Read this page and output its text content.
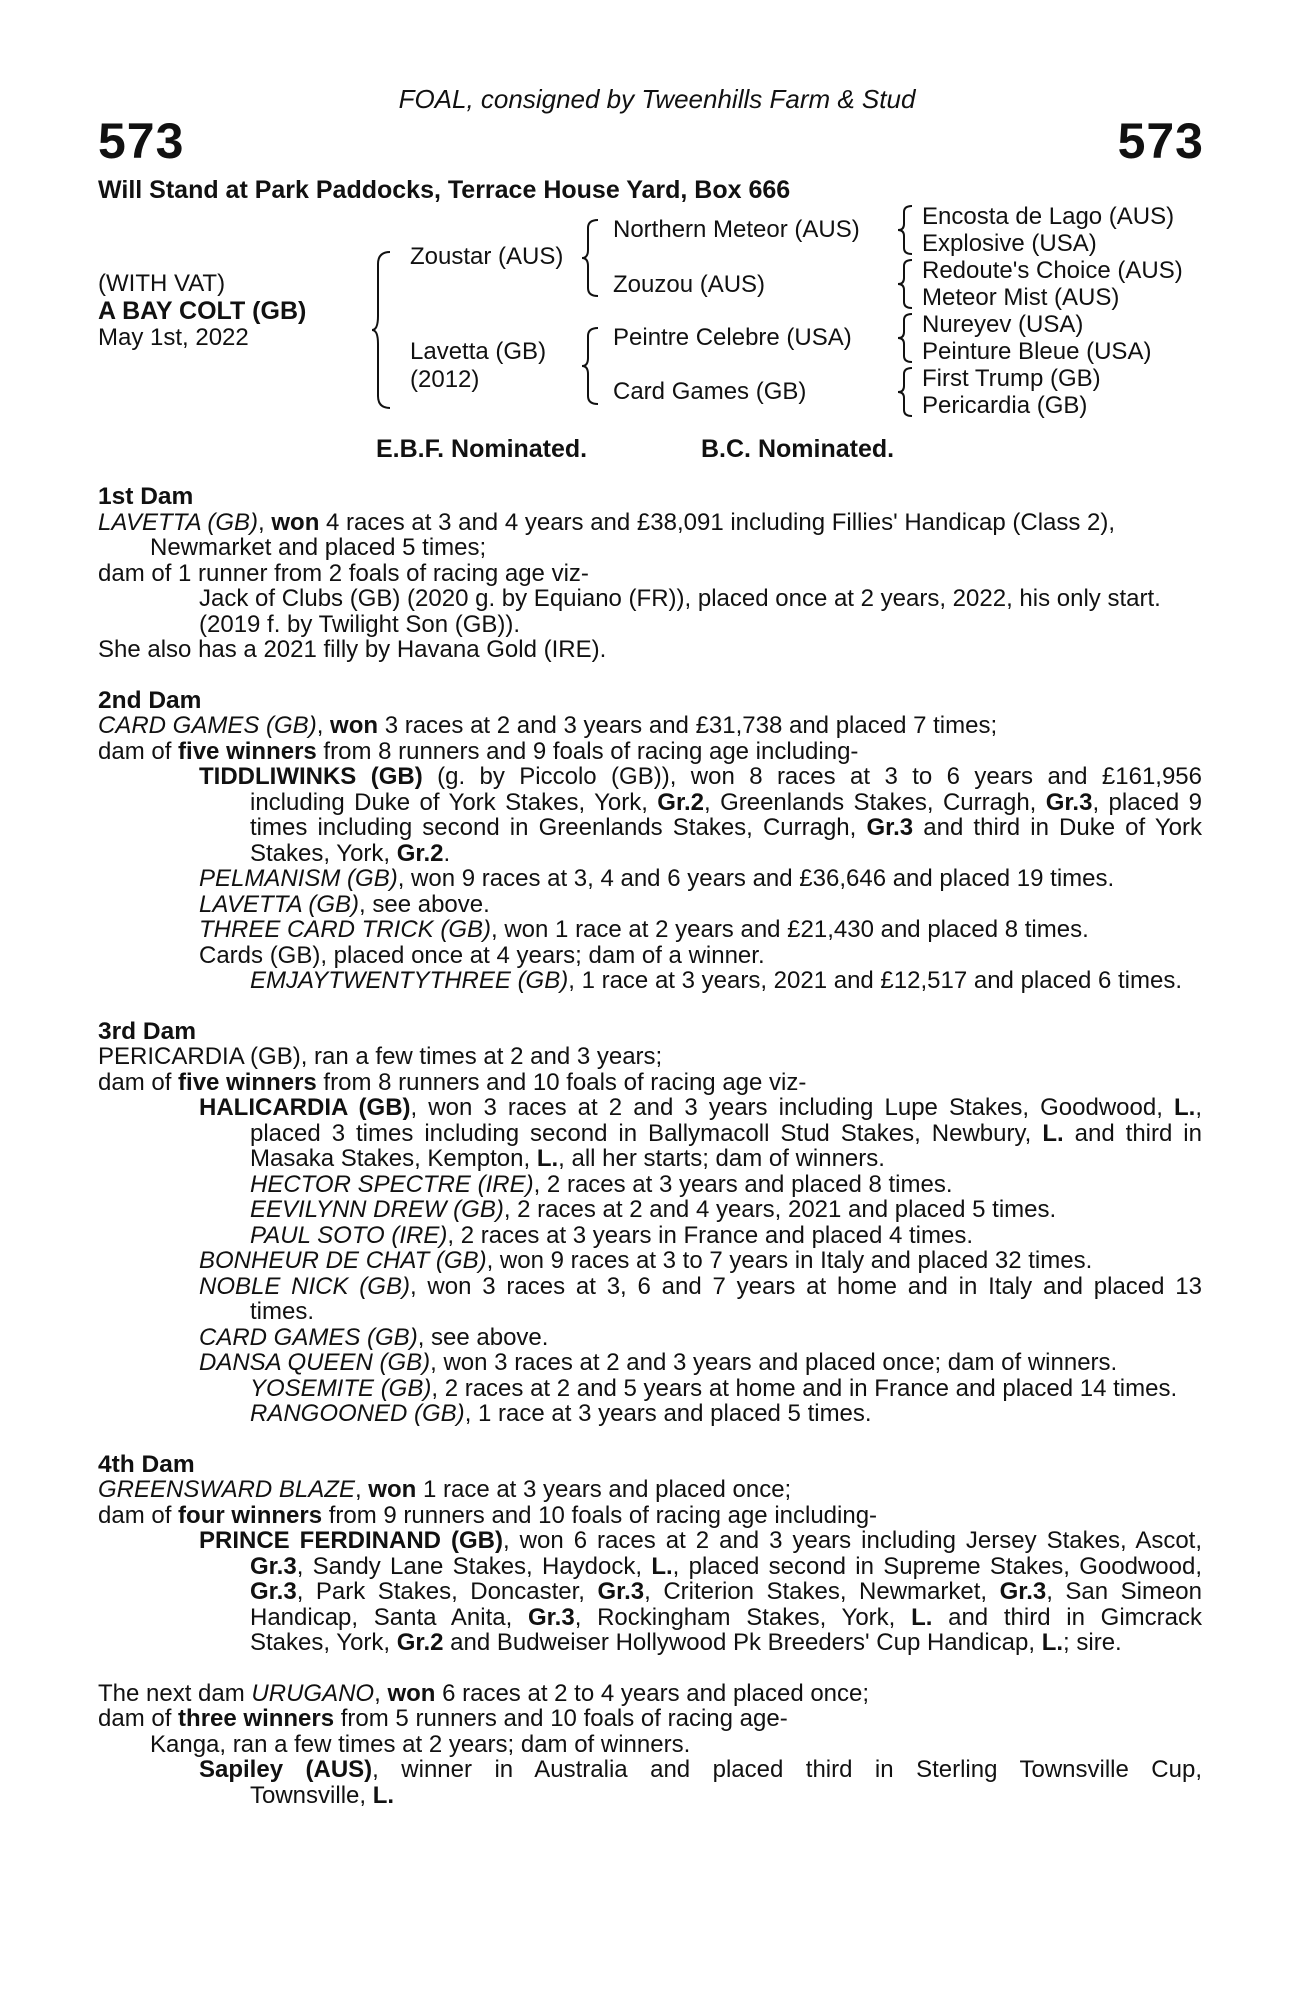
FOAL, consigned by Tweenhills Farm & Stud
573	573
Will Stand at Park Paddocks, Terrace House Yard, Box 666
(WITH VAT)
A BAY COLT (GB)
May 1st, 2022
Zoustar (AUS)
Lavetta (GB)
(2012)
Northern Meteor (AUS)
Zouzou (AUS)
Peintre Celebre (USA)
Card Games (GB)
Encosta de Lago (AUS)
Explosive (USA)
Redoute's Choice (AUS)
Meteor Mist (AUS)
Nureyev (USA)
Peinture Bleue (USA)
First Trump (GB)
Pericardia (GB)
E.B.F. Nominated.	B.C. Nominated.

1st Dam

LAVETTA (GB), won 4 races at 3 and 4 years and £38,091 including Fillies' Handicap (Class 2),

Newmarket and placed 5 times;

dam of 1 runner from 2 foals of racing age viz-

Jack of Clubs (GB) (2020 g. by Equiano (FR)), placed once at 2 years, 2022, his only start.

(2019 f. by Twilight Son (GB)).

She also has a 2021 filly by Havana Gold (IRE).

2nd Dam

CARD GAMES (GB), won 3 races at 2 and 3 years and £31,738 and placed 7 times;

dam of five winners from 8 runners and 9 foals of racing age including-

TIDDLIWINKS (GB) (g. by Piccolo (GB)), won 8 races at 3 to 6 years and £161,956

including Duke of York Stakes, York, Gr.2, Greenlands Stakes, Curragh, Gr.3, placed 9

times including second in Greenlands Stakes, Curragh, Gr.3 and third in Duke of York

Stakes, York, Gr.2.

PELMANISM (GB), won 9 races at 3, 4 and 6 years and £36,646 and placed 19 times.

LAVETTA (GB), see above.

THREE CARD TRICK (GB), won 1 race at 2 years and £21,430 and placed 8 times.

Cards (GB), placed once at 4 years; dam of a winner.

EMJAYTWENTYTHREE (GB), 1 race at 3 years, 2021 and £12,517 and placed 6 times.

3rd Dam

PERICARDIA (GB), ran a few times at 2 and 3 years;

dam of five winners from 8 runners and 10 foals of racing age viz-

HALICARDIA (GB), won 3 races at 2 and 3 years including Lupe Stakes, Goodwood, L.,

placed 3 times including second in Ballymacoll Stud Stakes, Newbury, L. and third in

Masaka Stakes, Kempton, L., all her starts; dam of winners.

HECTOR SPECTRE (IRE), 2 races at 3 years and placed 8 times.

EEVILYNN DREW (GB), 2 races at 2 and 4 years, 2021 and placed 5 times.

PAUL SOTO (IRE), 2 races at 3 years in France and placed 4 times.

BONHEUR DE CHAT (GB), won 9 races at 3 to 7 years in Italy and placed 32 times.

NOBLE NICK (GB), won 3 races at 3, 6 and 7 years at home and in Italy and placed 13

times.

CARD GAMES (GB), see above.

DANSA QUEEN (GB), won 3 races at 2 and 3 years and placed once; dam of winners.

YOSEMITE (GB), 2 races at 2 and 5 years at home and in France and placed 14 times.

RANGOONED (GB), 1 race at 3 years and placed 5 times.

4th Dam

GREENSWARD BLAZE, won 1 race at 3 years and placed once;

dam of four winners from 9 runners and 10 foals of racing age including-

PRINCE FERDINAND (GB), won 6 races at 2 and 3 years including Jersey Stakes, Ascot,

Gr.3, Sandy Lane Stakes, Haydock, L., placed second in Supreme Stakes, Goodwood,

Gr.3, Park Stakes, Doncaster, Gr.3, Criterion Stakes, Newmarket, Gr.3, San Simeon

Handicap, Santa Anita, Gr.3, Rockingham Stakes, York, L. and third in Gimcrack

Stakes, York, Gr.2 and Budweiser Hollywood Pk Breeders' Cup Handicap, L.; sire.

The next dam URUGANO, won 6 races at 2 to 4 years and placed once;

dam of three winners from 5 runners and 10 foals of racing age-

Kanga, ran a few times at 2 years; dam of winners.

Sapiley (AUS), winner in Australia and placed third in Sterling Townsville Cup,

Townsville, L.
